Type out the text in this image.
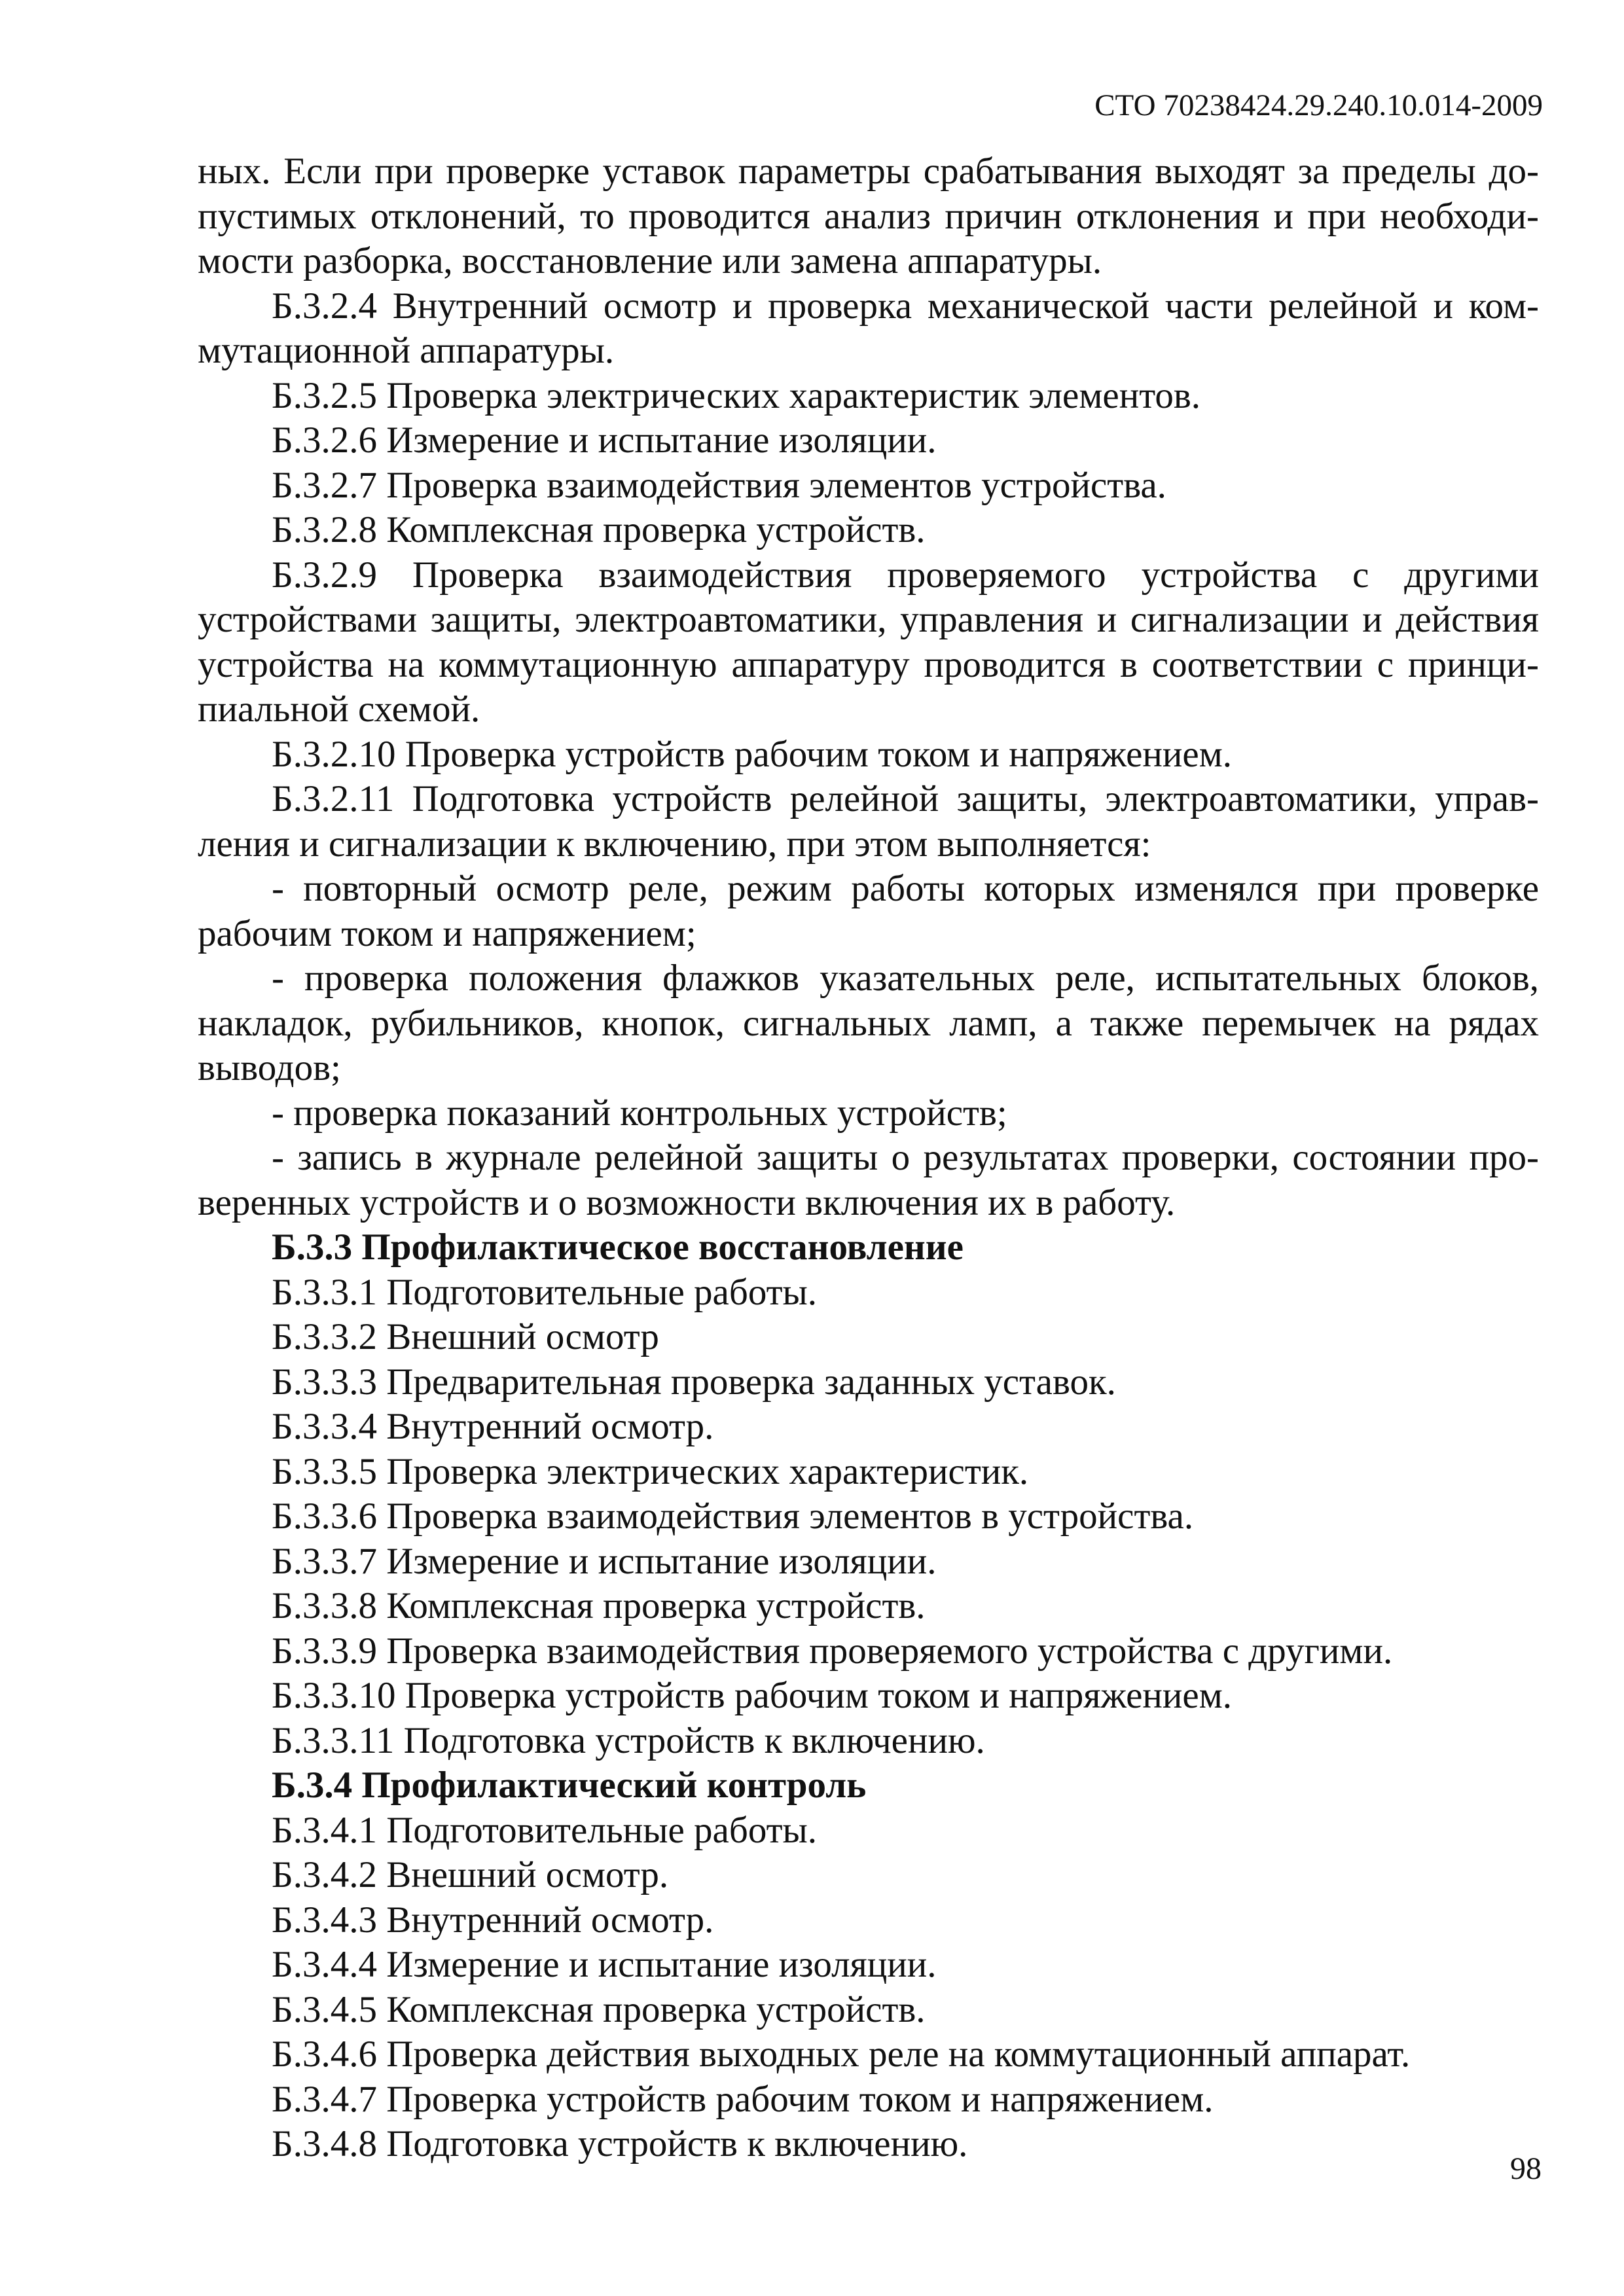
СТО 70238424.29.240.10.014-2009

ных. Если при проверке уставок параметры срабатывания выходят за пределы допустимых отклонений, то проводится анализ причин отклонения и при необходимости разборка, восстановление или замена аппаратуры.

Б.3.2.4 Внутренний осмотр и проверка механической части релейной и коммутационной аппаратуры.

Б.3.2.5 Проверка электрических характеристик элементов.

Б.3.2.6 Измерение и испытание изоляции.

Б.3.2.7 Проверка взаимодействия элементов устройства.

Б.3.2.8 Комплексная проверка устройств.

Б.3.2.9 Проверка взаимодействия проверяемого устройства с другими устройствами защиты, электроавтоматики, управления и сигнализации и действия устройства на коммутационную аппаратуру проводится в соответствии с принципиальной схемой.

Б.3.2.10 Проверка устройств рабочим током и напряжением.

Б.3.2.11 Подготовка устройств релейной защиты, электроавтоматики, управления и сигнализации к включению, при этом выполняется:

- повторный осмотр реле, режим работы которых изменялся при проверке рабочим током и напряжением;

- проверка положения флажков указательных реле, испытательных блоков, накладок, рубильников, кнопок, сигнальных ламп, а также перемычек на рядах выводов;

- проверка показаний контрольных устройств;

- запись в журнале релейной защиты о результатах проверки, состоянии проверенных устройств и о возможности включения их в работу.

Б.3.3 Профилактическое восстановление

Б.3.3.1 Подготовительные работы.

Б.3.3.2 Внешний осмотр

Б.3.3.3 Предварительная проверка заданных уставок.

Б.3.3.4 Внутренний осмотр.

Б.3.3.5 Проверка электрических характеристик.

Б.3.3.6 Проверка взаимодействия элементов в устройства.

Б.3.3.7 Измерение и испытание изоляции.

Б.3.3.8 Комплексная проверка устройств.

Б.3.3.9 Проверка взаимодействия проверяемого устройства с другими.

Б.3.3.10 Проверка устройств рабочим током и напряжением.

Б.3.3.11 Подготовка устройств к включению.

Б.3.4 Профилактический контроль

Б.3.4.1 Подготовительные работы.

Б.3.4.2 Внешний осмотр.

Б.3.4.3 Внутренний осмотр.

Б.3.4.4 Измерение и испытание изоляции.

Б.3.4.5 Комплексная проверка устройств.

Б.3.4.6 Проверка действия выходных реле на коммутационный аппарат.

Б.3.4.7 Проверка устройств рабочим током и напряжением.

Б.3.4.8 Подготовка устройств к включению.

98
